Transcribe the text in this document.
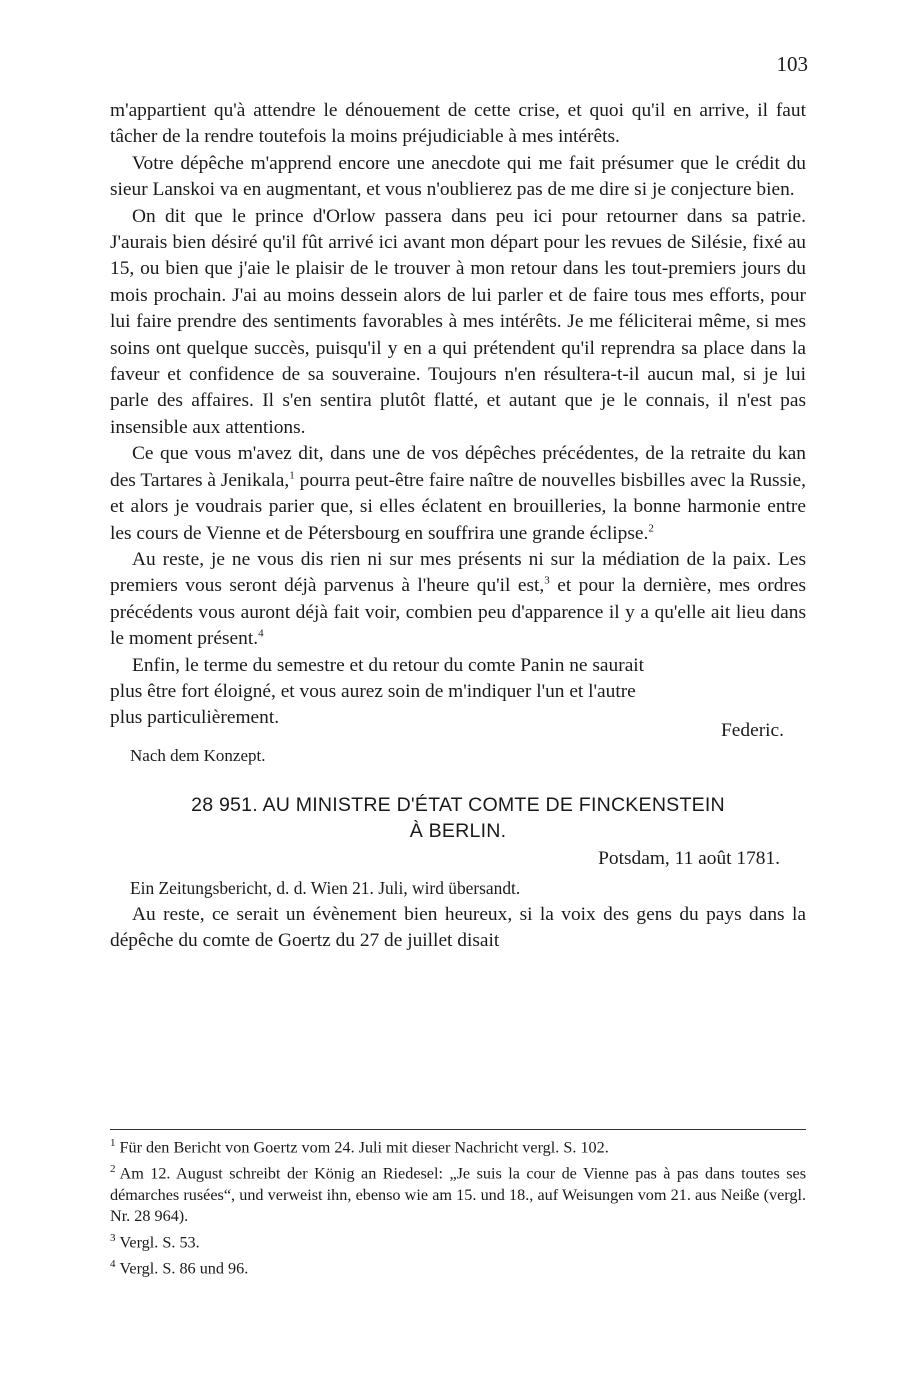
103

m'appartient qu'à attendre le dénouement de cette crise, et quoi qu'il en arrive, il faut tâcher de la rendre toutefois la moins préjudiciable à mes intérêts.

Votre dépêche m'apprend encore une anecdote qui me fait présumer que le crédit du sieur Lanskoi va en augmentant, et vous n'oublierez pas de me dire si je conjecture bien.

On dit que le prince d'Orlow passera dans peu ici pour retourner dans sa patrie. J'aurais bien désiré qu'il fût arrivé ici avant mon départ pour les revues de Silésie, fixé au 15, ou bien que j'aie le plaisir de le trouver à mon retour dans les tout-premiers jours du mois prochain. J'ai au moins dessein alors de lui parler et de faire tous mes efforts, pour lui faire prendre des sentiments favorables à mes intérêts. Je me féliciterai même, si mes soins ont quelque succès, puisqu'il y en a qui prétendent qu'il reprendra sa place dans la faveur et confidence de sa souveraine. Toujours n'en résultera-t-il aucun mal, si je lui parle des affaires. Il s'en sentira plutôt flatté, et autant que je le connais, il n'est pas insensible aux attentions.

Ce que vous m'avez dit, dans une de vos dépêches précédentes, de la retraite du kan des Tartares à Jenikala,$^1$ pourra peut-être faire naître de nouvelles bisbilles avec la Russie, et alors je voudrais parier que, si elles éclatent en brouilleries, la bonne harmonie entre les cours de Vienne et de Pétersbourg en souffrira une grande éclipse.$^2$

Au reste, je ne vous dis rien ni sur mes présents ni sur la médiation de la paix. Les premiers vous seront déjà parvenus à l'heure qu'il est,$^3$ et pour la dernière, mes ordres précédents vous auront déjà fait voir, combien peu d'apparence il y a qu'elle ait lieu dans le moment présent.$^4$

Enfin, le terme du semestre et du retour du comte Panin ne saurait plus être fort éloigné, et vous aurez soin de m'indiquer l'un et l'autre plus particulièrement.

Federic.

Nach dem Konzept.

28 951. AU MINISTRE D'ÉTAT COMTE DE FINCKENSTEIN
À BERLIN.

Potsdam, 11 août 1781.

Ein Zeitungsbericht, d. d. Wien 21. Juli, wird übersandt.

Au reste, ce serait un évènement bien heureux, si la voix des gens du pays dans la dépêche du comte de Goertz du 27 de juillet disait

$^1$ Für den Bericht von Goertz vom 24. Juli mit dieser Nachricht vergl. S. 102.

$^2$ Am 12. August schreibt der König an Riedesel: „Je suis la cour de Vienne pas à pas dans toutes ses démarches rusées“, und verweist ihn, ebenso wie am 15. und 18., auf Weisungen vom 21. aus Neiße (vergl. Nr. 28 964).

$^3$ Vergl. S. 53.

$^4$ Vergl. S. 86 und 96.
